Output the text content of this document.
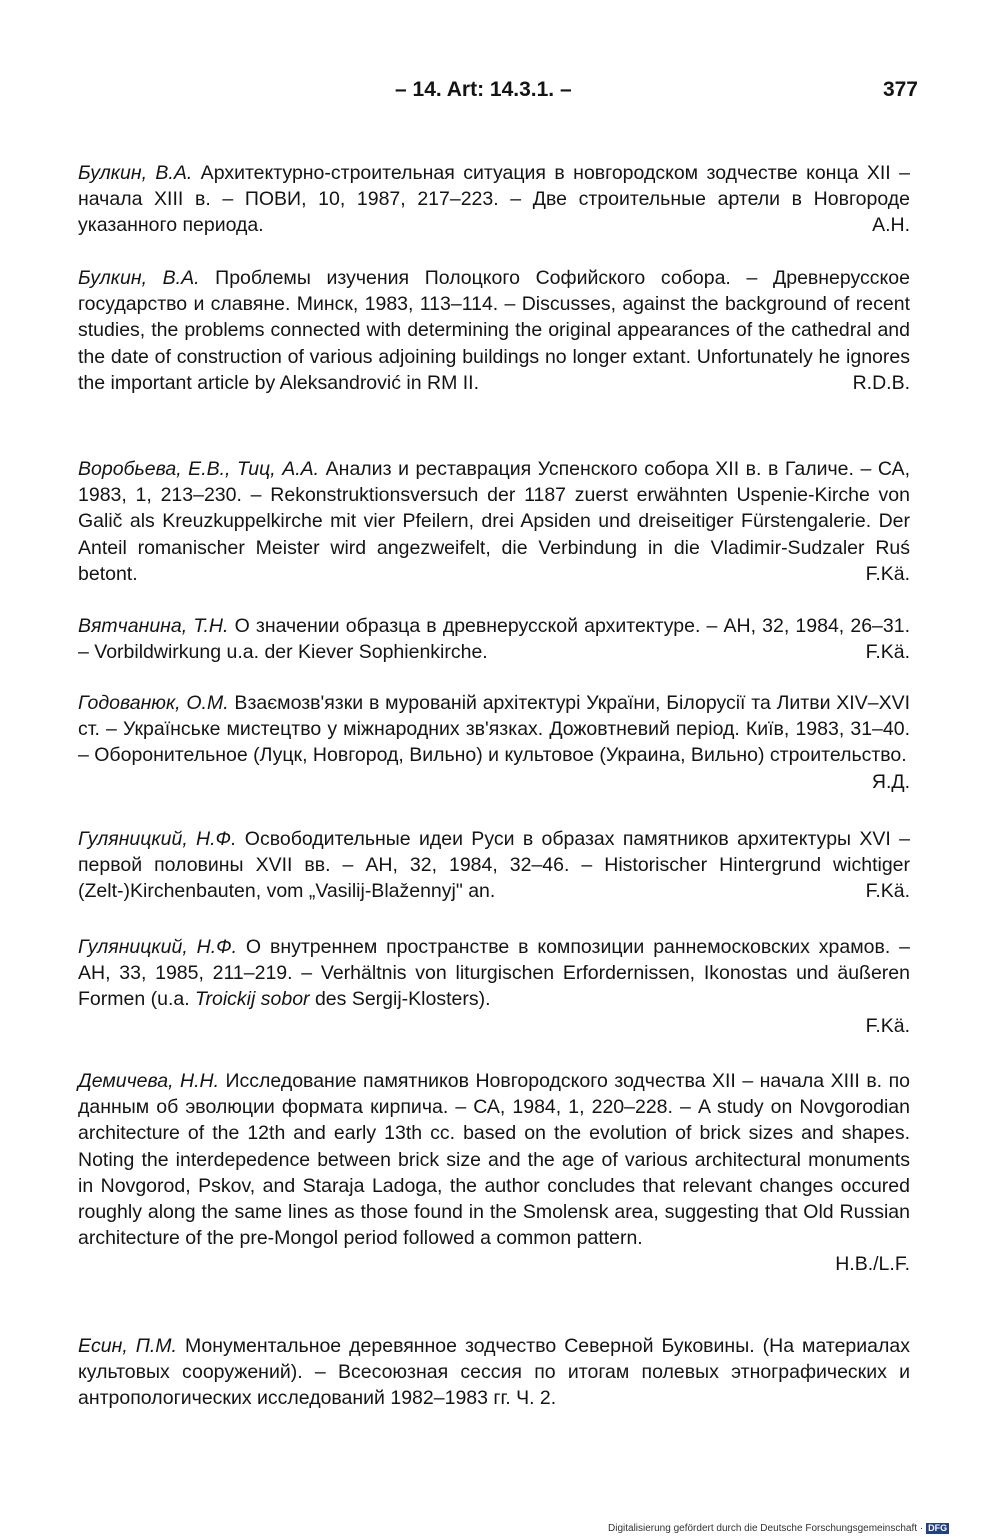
– 14. Art: 14.3.1. –	377
Булкин, В.А. Архитектурно-строительная ситуация в новгородском зодчестве конца XII – начала XIII в. – ПОВИ, 10, 1987, 217–223. – Две строительные артели в Новгороде указанного периода.	А.Н.
Булкин, В.А. Проблемы изучения Полоцкого Софийского собора. – Древнерусское государство и славяне. Минск, 1983, 113–114. – Discusses, against the background of recent studies, the problems connected with determining the original appearances of the cathedral and the date of construction of various adjoining buildings no longer extant. Unfortunately he ignores the important article by Aleksandrović in RM II.	R.D.B.
Воробьева, Е.В., Тиц, А.А. Анализ и реставрация Успенского собора XII в. в Галиче. – СА, 1983, 1, 213–230. – Rekonstruktionsversuch der 1187 zuerst erwähnten Uspenie-Kirche von Galič als Kreuzkuppelkirche mit vier Pfeilern, drei Apsiden und dreiseitiger Fürstengalerie. Der Anteil romanischer Meister wird angezweifelt, die Verbindung in die Vladimir-Sudzaler Ruś betont.	F.Kä.
Вятчанина, Т.Н. О значении образца в древнерусской архитектуре. – АН, 32, 1984, 26–31. – Vorbildwirkung u.a. der Kiever Sophienkirche.	F.Kä.
Годованюк, О.М. Взаємозв'язки в мурованій архітектурі України, Білорусії та Литви XIV–XVI ст. – Українське мистецтво у міжнародних зв'язках. Дожовтневий період. Київ, 1983, 31–40. – Оборонительное (Луцк, Новгород, Вильно) и культовое (Украина, Вильно) строительство.
Я.Д.
Гуляницкий, Н.Ф. Освободительные идеи Руси в образах памятников архитектуры XVI – первой половины XVII вв. – АН, 32, 1984, 32–46. – Historischer Hintergrund wichtiger (Zelt-)Kirchenbauten, vom „Vasilij-Blažennyj" an.	F.Kä.
Гуляницкий, Н.Ф. О внутреннем пространстве в композиции раннемосковских храмов. – АН, 33, 1985, 211–219. – Verhältnis von liturgischen Erfordernissen, Ikonostas und äußeren Formen (u.a. Troickij sobor des Sergij-Klosters).
F.Kä.
Демичева, Н.Н. Исследование памятников Новгородского зодчества XII – начала XIII в. по данным об эволюции формата кирпича. – СА, 1984, 1, 220–228. – A study on Novgorodian architecture of the 12th and early 13th cc. based on the evolution of brick sizes and shapes. Noting the interdepedence between brick size and the age of various architectural monuments in Novgorod, Pskov, and Staraja Ladoga, the author concludes that relevant changes occured roughly along the same lines as those found in the Smolensk area, suggesting that Old Russian architecture of the pre-Mongol period followed a common pattern.
H.B./L.F.
Есин, П.М. Монументальное деревянное зодчество Северной Буковины. (На материалах культовых сооружений). – Всесоюзная сессия по итогам полевых этнографических и антропологических исследований 1982–1983 гг. Ч. 2.
Digitalisierung gefördert durch die Deutsche Forschungsgemeinschaft · DFG
